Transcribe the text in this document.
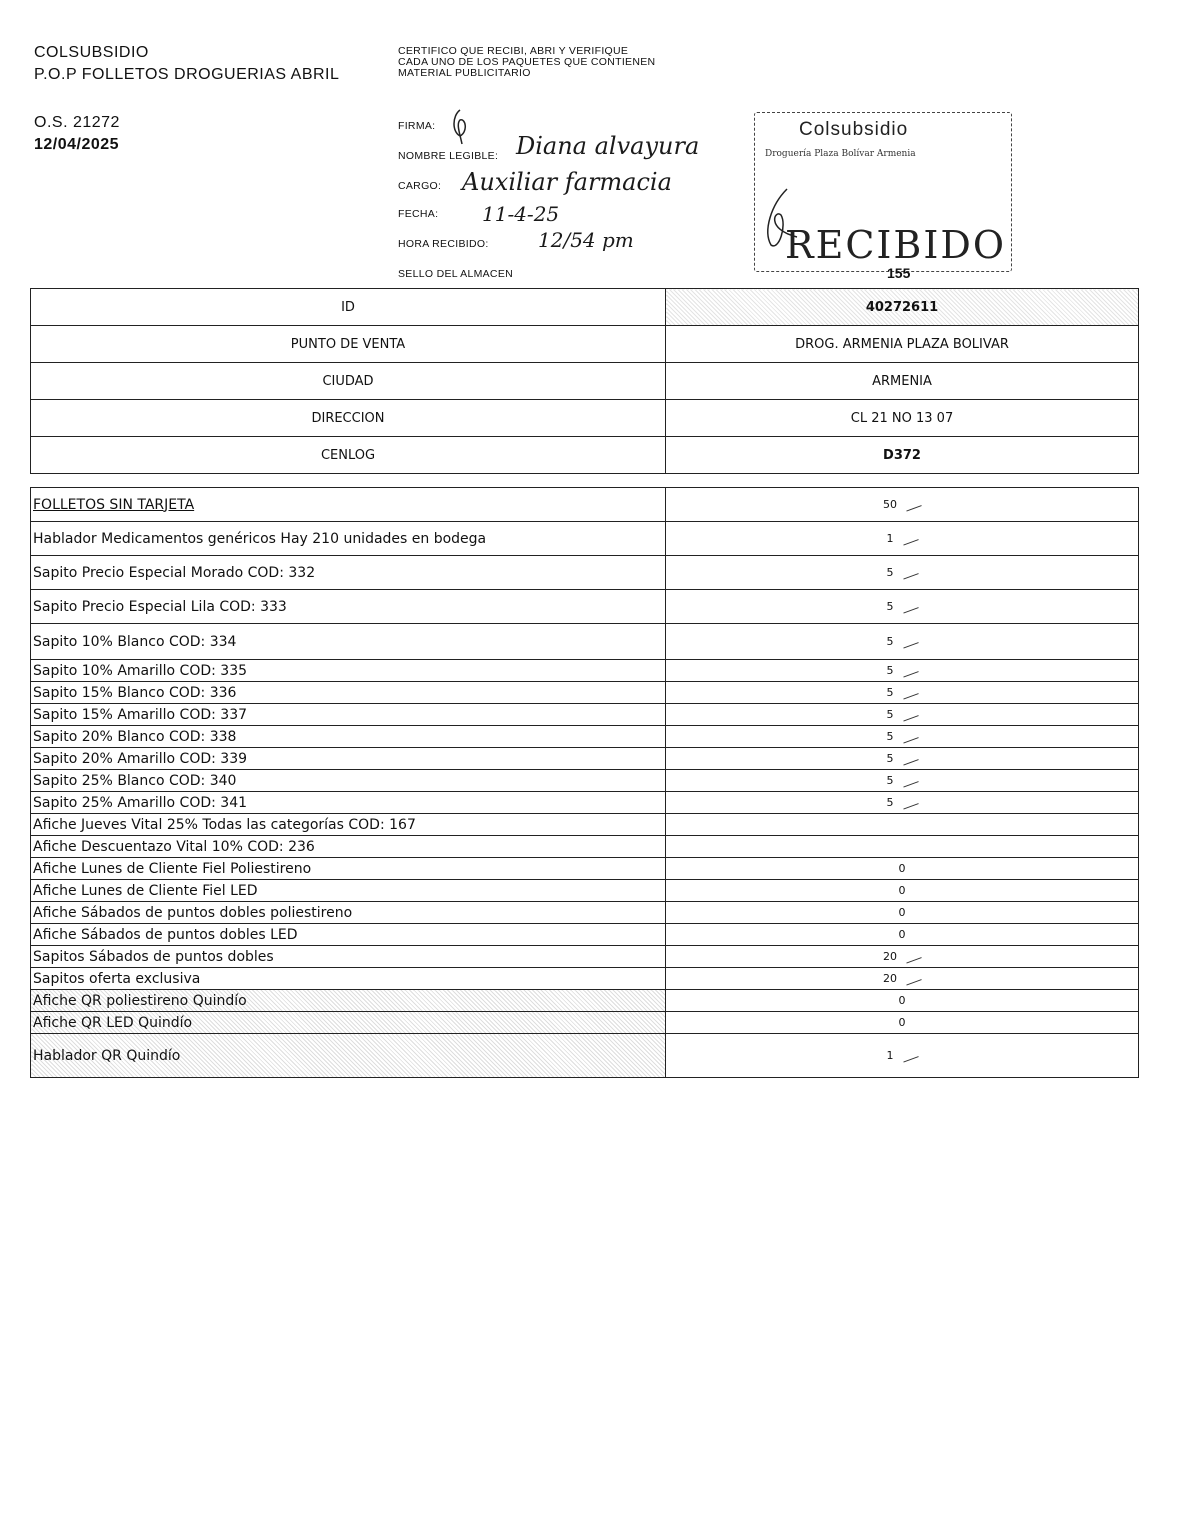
COLSUBSIDIO
P.O.P FOLLETOS DROGUERIAS ABRIL
O.S. 21272
12/04/2025
CERTIFICO QUE RECIBI, ABRI Y VERIFIQUE CADA UNO DE LOS PAQUETES QUE CONTIENEN MATERIAL PUBLICITARIO
FIRMA:
NOMBRE LEGIBLE: Diana alvayura
CARGO: Auxiliar farmacia
FECHA: 11-4-25
HORA RECIBIDO: 12/54 pm
SELLO DEL ALMACEN
Colsubsidio
Droguería Plaza Bolívar Armenia
RECIBIDO
155
ID	40272611
PUNTO DE VENTA	DROG. ARMENIA PLAZA BOLIVAR
CIUDAD	ARMENIA
DIRECCION	CL 21 NO 13 07
CENLOG	D372
FOLLETOS SIN TARJETA	50
Hablador Medicamentos genéricos Hay 210 unidades en bodega	1
Sapito Precio Especial Morado COD: 332	5
Sapito Precio Especial Lila COD: 333	5
Sapito 10% Blanco COD: 334	5
Sapito 10% Amarillo COD: 335	5
Sapito 15% Blanco COD: 336	5
Sapito 15% Amarillo COD: 337	5
Sapito 20% Blanco COD: 338	5
Sapito 20% Amarillo COD: 339	5
Sapito 25% Blanco COD: 340	5
Sapito 25% Amarillo COD: 341	5
Afiche Jueves Vital 25% Todas las categorías COD: 167	
Afiche Descuentazo Vital 10% COD: 236	
Afiche Lunes de Cliente Fiel Poliestireno	0
Afiche Lunes de Cliente Fiel LED	0
Afiche Sábados de puntos dobles poliestireno	0
Afiche Sábados de puntos dobles LED	0
Sapitos Sábados de puntos dobles	20
Sapitos oferta exclusiva	20
Afiche QR poliestireno Quindío	0
Afiche QR LED Quindío	0
Hablador QR Quindío	1
